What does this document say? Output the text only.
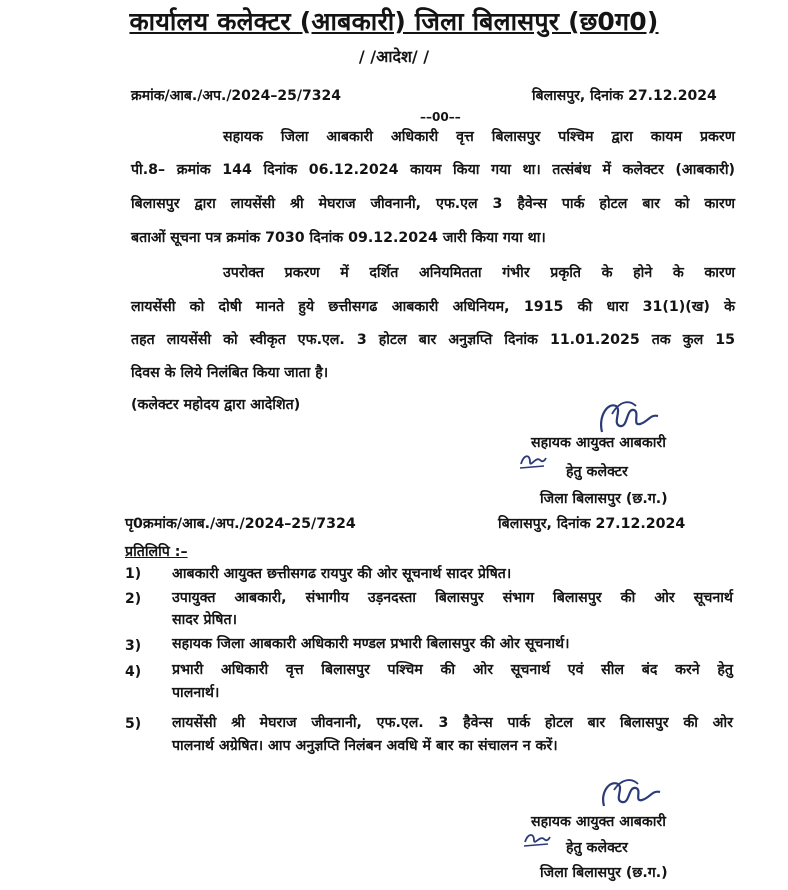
कार्यालय कलेक्टर (आबकारी) जिला बिलासपुर (छ0ग0)
/ /आदेश/ /
क्रमांक/आब./अप./2024–25/7324	बिलासपुर, दिनांक 27.12.2024
––00––
सहायक जिला आबकारी अधिकारी वृत्त बिलासपुर पश्चिम द्वारा कायम प्रकरण
पी.8– क्रमांक 144 दिनांक 06.12.2024 कायम किया गया था। तत्संबंध में कलेक्टर (आबकारी)
बिलासपुर द्वारा लायसेंसी श्री मेघराज जीवनानी, एफ.एल 3 हैवेन्स पार्क होटल बार को कारण
बताओं सूचना पत्र क्रमांक 7030 दिनांक 09.12.2024 जारी किया गया था।
उपरोक्त प्रकरण में दर्शित अनियमितता गंभीर प्रकृति के होने के कारण
लायसेंसी को दोषी मानते हुये छत्तीसगढ आबकारी अधिनियम, 1915 की धारा 31(1)(ख) के
तहत लायसेंसी को स्वीकृत एफ.एल. 3 होटल बार अनुज्ञप्ति दिनांक 11.01.2025 तक कुल 15
दिवस के लिये निलंबित किया जाता है।
(कलेक्टर महोदय द्वारा आदेशित)
सहायक आयुक्त आबकारी
हेतु कलेक्टर
जिला बिलासपुर (छ.ग.)
पृ0क्रमांक/आब./अप./2024–25/7324	बिलासपुर, दिनांक 27.12.2024
प्रतिलिपि :–
1) आबकारी आयुक्त छत्तीसगढ रायपुर की ओर सूचनार्थ सादर प्रेषित।
2) उपायुक्त आबकारी, संभागीय उड़नदस्ता बिलासपुर संभाग बिलासपुर की ओर सूचनार्थ
सादर प्रेषित।
3) सहायक जिला आबकारी अधिकारी मण्डल प्रभारी बिलासपुर की ओर सूचनार्थ।
4) प्रभारी अधिकारी वृत्त बिलासपुर पश्चिम की ओर सूचनार्थ एवं सील बंद करने हेतु
पालनार्थ।
5) लायसेंसी श्री मेघराज जीवनानी, एफ.एल. 3 हैवेन्स पार्क होटल बार बिलासपुर की ओर
पालनार्थ अग्रेषित। आप अनुज्ञप्ति निलंबन अवधि में बार का संचालन न करें।
सहायक आयुक्त आबकारी
हेतु कलेक्टर
जिला बिलासपुर (छ.ग.)
